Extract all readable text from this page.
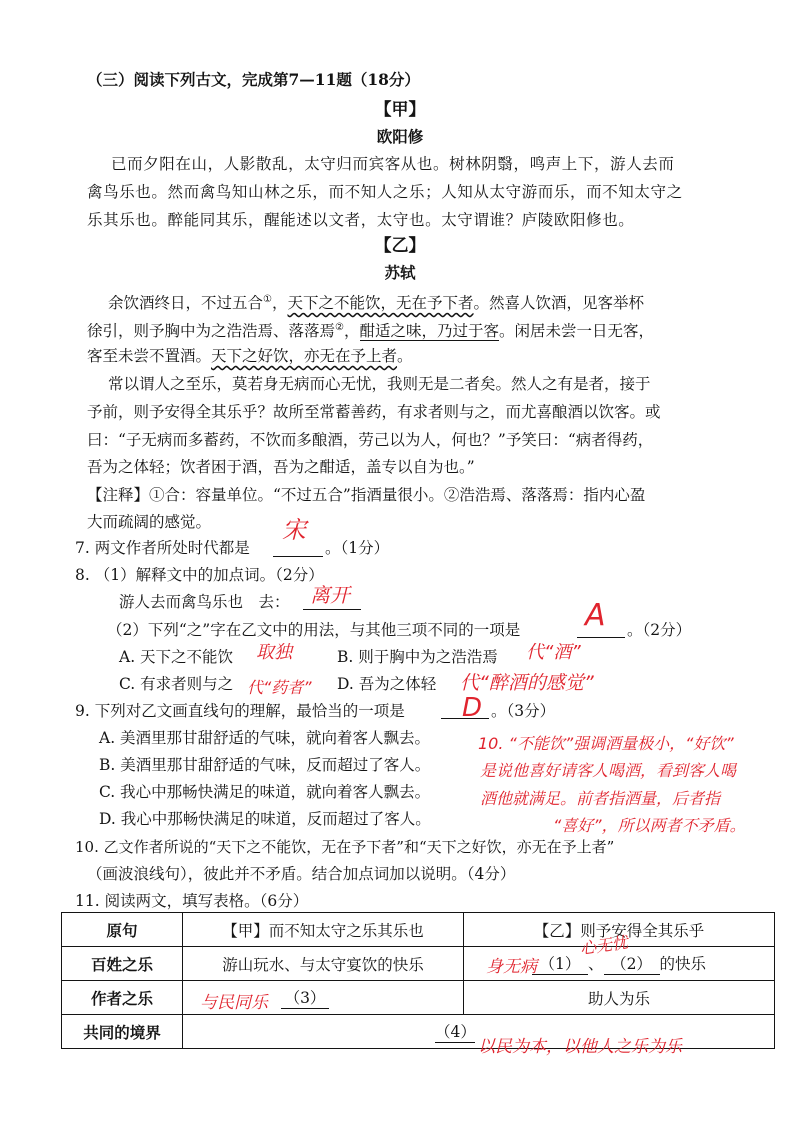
（三）阅读下列古文，完成第7—11题（18分）
【甲】
欧阳修
已而夕阳在山，人影散乱，太守归而宾客从也。树林阴翳，鸣声上下，游人去而
禽鸟乐也。然而禽鸟知山林之乐，而不知人之乐；人知从太守游而乐，而不知太守之
乐其乐也。醉能同其乐，醒能述以文者，太守也。太守谓谁？庐陵欧阳修也。
【乙】
苏轼
余饮酒终日，不过五合①，天下之不能饮，无在予下者。然喜人饮酒，见客举杯
徐引，则予胸中为之浩浩焉、落落焉②，酣适之味，乃过于客。闲居未尝一日无客，
客至未尝不置酒。天下之好饮，亦无在予上者。
常以谓人之至乐，莫若身无病而心无忧，我则无是二者矣。然人之有是者，接于
予前，则予安得全其乐乎？故所至常蓄善药，有求者则与之，而尤喜酿酒以饮客。或
曰：“子无病而多蓄药，不饮而多酿酒，劳己以为人，何也？”予笑曰：“病者得药，
吾为之体轻；饮者困于酒，吾为之酣适，盖专以自为也。”
【注释】①合：容量单位。“不过五合”指酒量很小。②浩浩焉、落落焉：指内心盈
大而疏阔的感觉。
7. 两文作者所处时代都是	。（1分）
宋
8. （1）解释文中的加点词。（2分）
游人去而禽鸟乐也　去： 离开
（2）下列“之”字在乙文中的用法，与其他三项不同的一项是	。（2分）
A
A. 天下之不能饮 取独	B. 则于胸中为之浩浩焉 代“酒”
C. 有求者则与之 代“药者” D. 吾为之体轻 代“醉酒的感觉”
9. 下列对乙文画直线句的理解，最恰当的一项是	。（3分）
D
A. 美酒里那甘甜舒适的气味，就向着客人飘去。
B. 美酒里那甘甜舒适的气味，反而超过了客人。
C. 我心中那畅快满足的味道，就向着客人飘去。
D. 我心中那畅快满足的味道，反而超过了客人。
10. “不能饮”强调酒量极小，“好饮”
是说他喜好请客人喝酒，看到客人喝
酒他就满足。前者指酒量，后者指
“喜好”，所以两者不矛盾。
10. 乙文作者所说的“天下之不能饮，无在予下者”和“天下之好饮，亦无在予上者”
（画波浪线句），彼此并不矛盾。结合加点词加以说明。（4分）
11. 阅读两文，填写表格。（6分）
原句	【甲】而不知太守之乐其乐也	【乙】则予安得全其乐乎
百姓之乐	游山玩水、与太守宴饮的快乐	（1） 、 （2） 的快乐
作者之乐	（3）	助人为乐
共同的境界	（4）	
身无病
心无忧
与民同乐
以民为本，以他人之乐为乐
